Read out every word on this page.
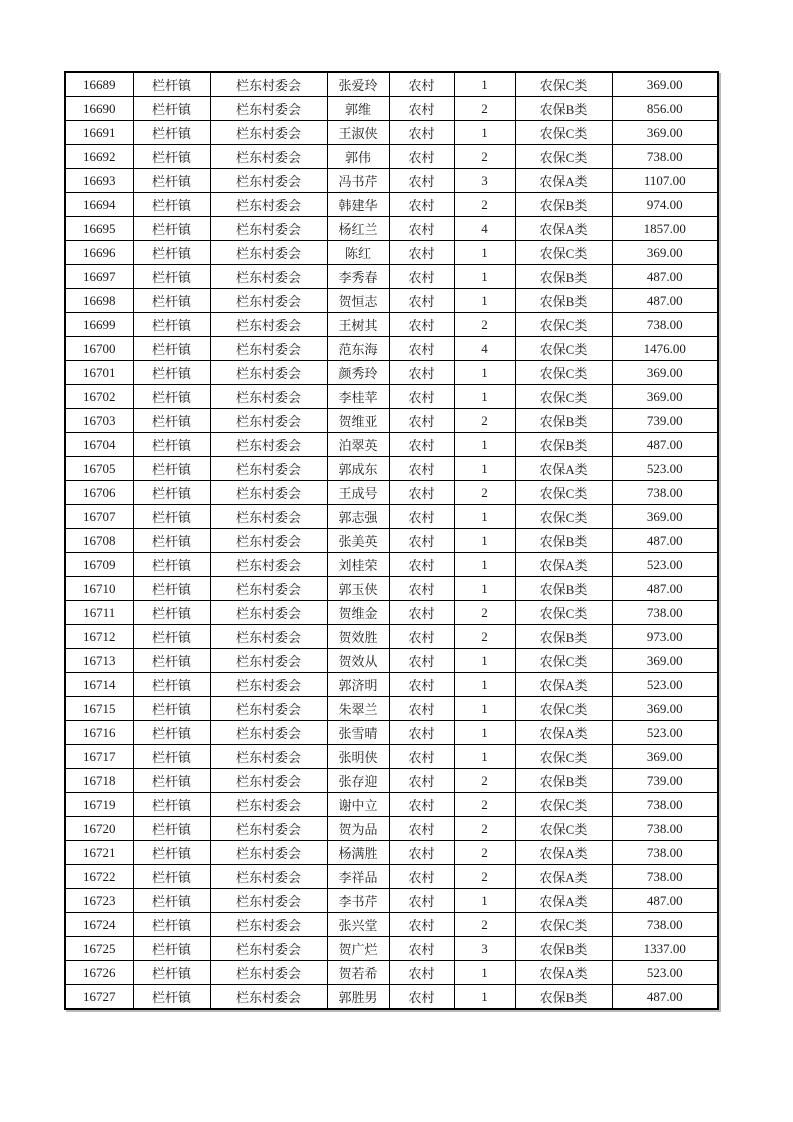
16689	栏杆镇	栏东村委会	张爱玲	农村	1	农保C类	369.00
16690	栏杆镇	栏东村委会	郭维	农村	2	农保B类	856.00
16691	栏杆镇	栏东村委会	王淑侠	农村	1	农保C类	369.00
16692	栏杆镇	栏东村委会	郭伟	农村	2	农保C类	738.00
16693	栏杆镇	栏东村委会	冯书芹	农村	3	农保A类	1107.00
16694	栏杆镇	栏东村委会	韩建华	农村	2	农保B类	974.00
16695	栏杆镇	栏东村委会	杨红兰	农村	4	农保A类	1857.00
16696	栏杆镇	栏东村委会	陈红	农村	1	农保C类	369.00
16697	栏杆镇	栏东村委会	李秀春	农村	1	农保B类	487.00
16698	栏杆镇	栏东村委会	贺恒志	农村	1	农保B类	487.00
16699	栏杆镇	栏东村委会	王树其	农村	2	农保C类	738.00
16700	栏杆镇	栏东村委会	范东海	农村	4	农保C类	1476.00
16701	栏杆镇	栏东村委会	颜秀玲	农村	1	农保C类	369.00
16702	栏杆镇	栏东村委会	李桂苹	农村	1	农保C类	369.00
16703	栏杆镇	栏东村委会	贺维亚	农村	2	农保B类	739.00
16704	栏杆镇	栏东村委会	泊翠英	农村	1	农保B类	487.00
16705	栏杆镇	栏东村委会	郭成东	农村	1	农保A类	523.00
16706	栏杆镇	栏东村委会	王成号	农村	2	农保C类	738.00
16707	栏杆镇	栏东村委会	郭志强	农村	1	农保C类	369.00
16708	栏杆镇	栏东村委会	张美英	农村	1	农保B类	487.00
16709	栏杆镇	栏东村委会	刘桂荣	农村	1	农保A类	523.00
16710	栏杆镇	栏东村委会	郭玉侠	农村	1	农保B类	487.00
16711	栏杆镇	栏东村委会	贺维金	农村	2	农保C类	738.00
16712	栏杆镇	栏东村委会	贺效胜	农村	2	农保B类	973.00
16713	栏杆镇	栏东村委会	贺效从	农村	1	农保C类	369.00
16714	栏杆镇	栏东村委会	郭济明	农村	1	农保A类	523.00
16715	栏杆镇	栏东村委会	朱翠兰	农村	1	农保C类	369.00
16716	栏杆镇	栏东村委会	张雪晴	农村	1	农保A类	523.00
16717	栏杆镇	栏东村委会	张明侠	农村	1	农保C类	369.00
16718	栏杆镇	栏东村委会	张存迎	农村	2	农保B类	739.00
16719	栏杆镇	栏东村委会	谢中立	农村	2	农保C类	738.00
16720	栏杆镇	栏东村委会	贺为品	农村	2	农保C类	738.00
16721	栏杆镇	栏东村委会	杨满胜	农村	2	农保A类	738.00
16722	栏杆镇	栏东村委会	李祥品	农村	2	农保A类	738.00
16723	栏杆镇	栏东村委会	李书芹	农村	1	农保A类	487.00
16724	栏杆镇	栏东村委会	张兴堂	农村	2	农保C类	738.00
16725	栏杆镇	栏东村委会	贺广烂	农村	3	农保B类	1337.00
16726	栏杆镇	栏东村委会	贺若希	农村	1	农保A类	523.00
16727	栏杆镇	栏东村委会	郭胜男	农村	1	农保B类	487.00
